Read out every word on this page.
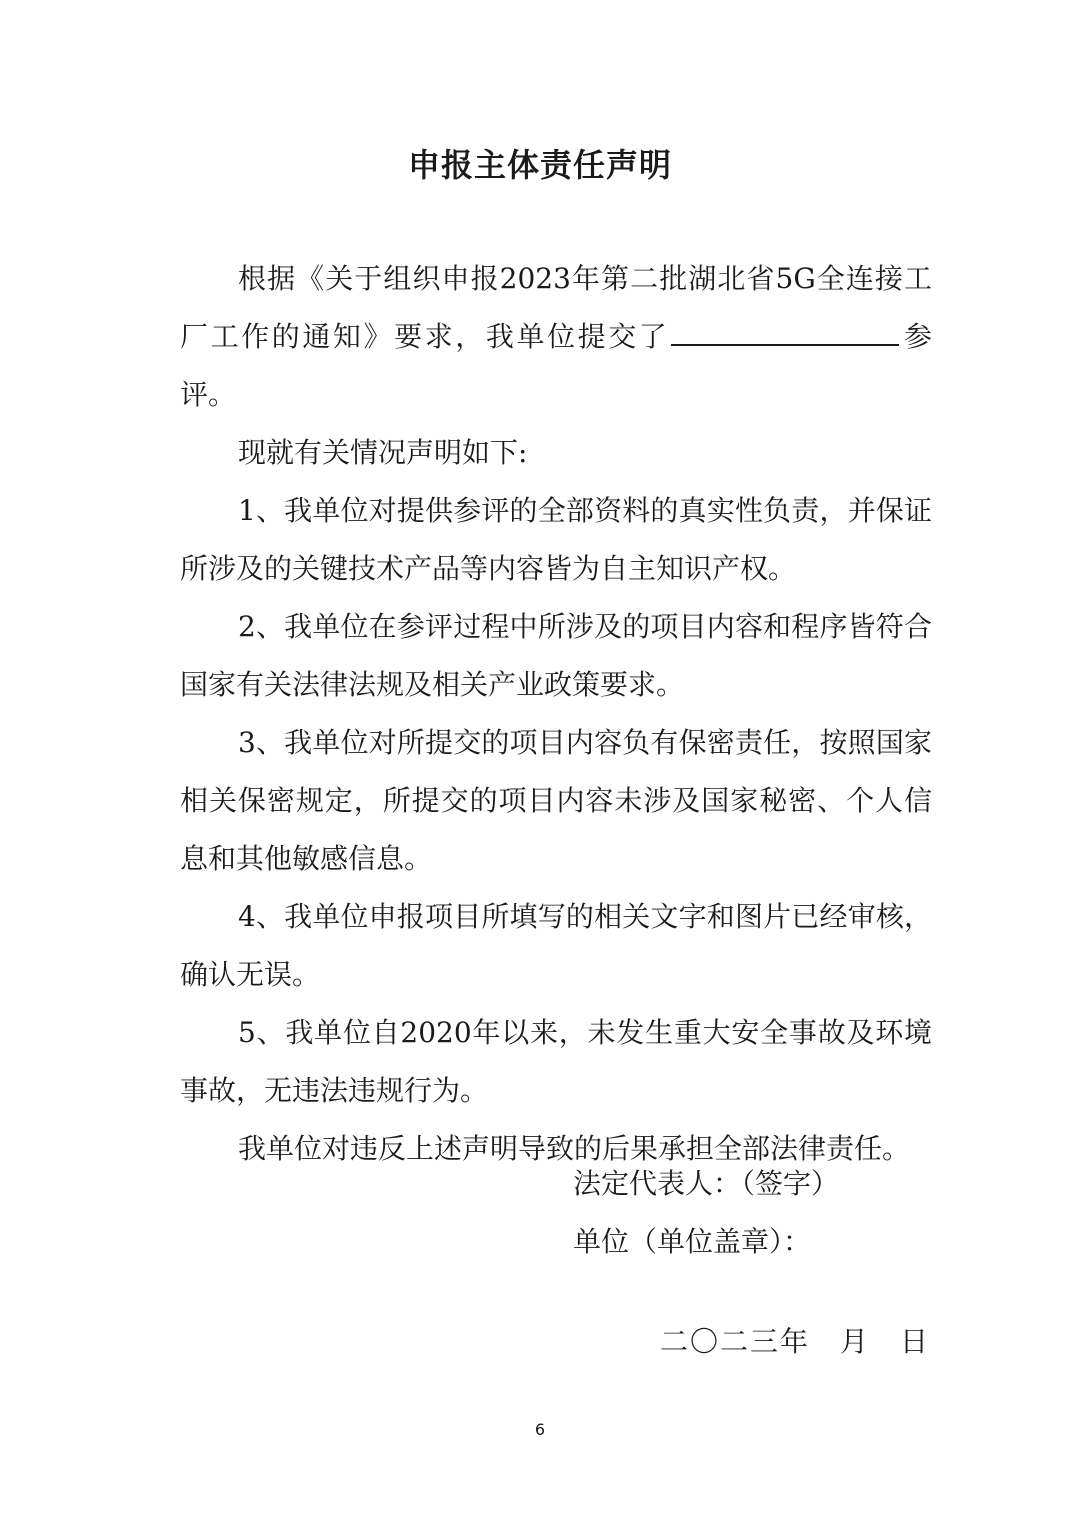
申报主体责任声明

根据《关于组织申报2023年第二批湖北省5G全连接工厂工作的通知》要求，我单位提交了	参评。

现就有关情况声明如下:

1、我单位对提供参评的全部资料的真实性负责，并保证所涉及的关键技术产品等内容皆为自主知识产权。

2、我单位在参评过程中所涉及的项目内容和程序皆符合国家有关法律法规及相关产业政策要求。

3、我单位对所提交的项目内容负有保密责任，按照国家相关保密规定，所提交的项目内容未涉及国家秘密、个人信息和其他敏感信息。

4、我单位申报项目所填写的相关文字和图片已经审核，确认无误。

5、我单位自2020年以来，未发生重大安全事故及环境事故，无违法违规行为。

我单位对违反上述声明导致的后果承担全部法律责任。

法定代表人：（签字）
单位（单位盖章）：
二〇二三年　月　日
6
